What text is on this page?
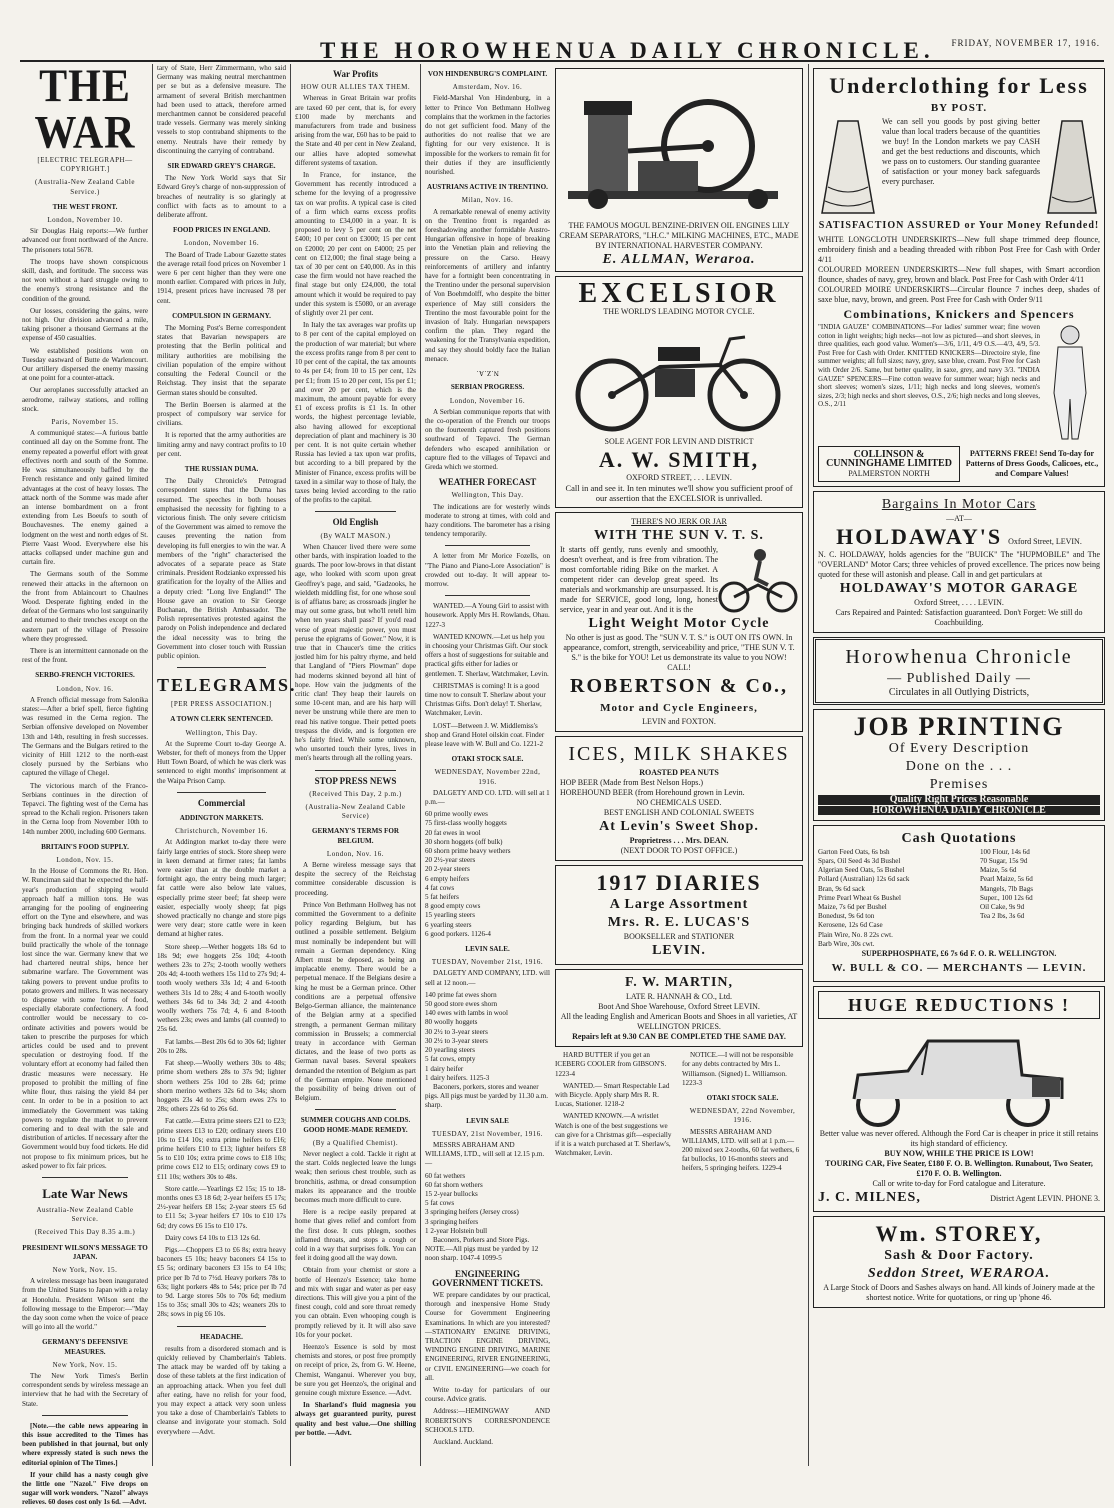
THE HOROWHENUA DAILY CHRONICLE. FRIDAY, NOVEMBER 17, 1916.
THE WAR
[ELECTRIC TELEGRAPH—COPYRIGHT.]
(Australia-New Zealand Cable Service.)
THE WEST FRONT.
London, November 10.

Sir Douglas Haig reports:—We further advanced our front northward of the Ancre. The prisoners total 5678.

The troops have shown conspicuous skill, dash, and fortitude. The success was not won without a hard struggle owing to the enemy's strong resistance and the condition of the ground.

Our losses, considering the gains, were not high. Our division advanced a mile, taking prisoner a thousand Germans at the expense of 450 casualties.

We established positions won on Tuesday eastward of Butte de Warlencourt. Our artillery dispersed the enemy massing at one point for a counter-attack.

Our aeroplanes successfully attacked an aerodrome, railway stations, and rolling stock.

Paris, November 15.

A communiqué states:—A furious battle continued all day on the Somme front. The enemy repeated a powerful effort with great effectives north and south of the Somme. He was simultaneously baffled by the French resistance and only gained limited advantages at the cost of heavy losses. The attack north of the Somme was made after an intense bombardment on a front extending from Les Boeufs to south of Bouchavesnes. The enemy gained a lodgment on the west and north edges of St. Pierre Vaast Wood. Everywhere else his attacks collapsed under machine gun and curtain fire.

The Germans south of the Somme renewed their attacks in the afternoon on the front from Ablaincourt to Chaulnes Wood. Desperate fighting ended in the defeat of the Germans who lost sanguinarily and returned to their trenches except on the eastern part of the village of Pressoire where they progressed.

There is an intermittent cannonade on the rest of the front.

SERBO-FRENCH VICTORIES.
London, Nov. 16.

A French official message from Salonika states:—After a brief spell, fierce fighting was resumed in the Cerna region. The Serbian offensive developed on November 13th and 14th, resulting in fresh successes. The Germans and the Bulgars retired to the vicinity of Hill 1212 to the north-east closely pursued by the Serbians who captured the village of Chegel.

The victorious march of the Franco-Serbians continues in the direction of Tepavci. The fighting west of the Cerna has spread to the Kchali region. Prisoners taken in the Cerna loop from November 10th to 14th number 2000, including 600 Germans.

BRITAIN'S FOOD SUPPLY.
London, Nov. 15.

In the House of Commons the Rt. Hon. W. Runciman said that he expected the half-year's production of shipping would approach half a million tons. He was arranging for the pooling of engineering effort on the Tyne and elsewhere, and was bringing back hundreds of skilled workers from the front. In a normal year we could build practically the whole of the tonnage lost since the war. Germany knew that we had chartered neutral ships, hence her submarine warfare. The Government was taking powers to prevent undue profits to potato growers and millers. It was necessary to dispense with some forms of food, especially elaborate confectionery. A food controller would be necessary to co-ordinate activities and powers would be taken to prescribe the purposes for which articles could be used and to prevent speculation or destroying food. If the voluntary effort at economy had failed then drastic measures were necessary. He proposed to prohibit the milling of fine white flour, thus raising the yield 84 per cent. In order to be in a position to act immediately the Government was taking powers to regulate the market to prevent cornering and to deal with the sale and distribution of articles. If necessary after the Government would buy food tickets. He did not propose to fix minimum prices, but he asked power to fix fair prices.

Late War News
Australia-New Zealand Cable Service.
(Received This Day 8.35 a.m.)
PRESIDENT WILSON'S MESSAGE TO JAPAN.
New York, Nov. 15.

A wireless message has been inaugurated from the United States to Japan with a relay at Honolulu. President Wilson sent the following message to the Emperor:—"May the day soon come when the voice of peace will go into all the world."

GERMANY'S DEFENSIVE MEASURES.
New York, Nov. 15.

The New York Times's Berlin correspondent sends by wireless message an interview that he had with the Secretary of State.

[Note.—the cable news appearing in this issue accredited to the Times has been published in that journal, but only where expressly stated is such news the editorial opinion of The Times.]

If your child has a nasty cough give the little one "Nazol." Five drops on sugar will work wonders. "Nazol" always relieves. 60 doses cost only 1s 6d. —Advt.

tary of State, Herr Zimmermann, who said Germany was making neutral merchantmen per se but as a defensive measure. The armament of several British merchantmen had been used to attack, therefore armed merchantmen cannot be considered peaceful trade vessels. Germany was merely sinking vessels to stop contraband shipments to the enemy. Neutrals have their remedy by discontinuing the carrying of contraband.

SIR EDWARD GREY'S CHARGE.

The New York World says that Sir Edward Grey's charge of non-suppression of breaches of neutrality is so glaringly at conflict with facts as to amount to a deliberate affront.

FOOD PRICES IN ENGLAND.
London, November 16.

The Board of Trade Labour Gazette states the average retail food prices on November 1 were 6 per cent higher than they were one month earlier. Compared with prices in July, 1914, present prices have increased 78 per cent.

COMPULSION IN GERMANY.

The Morning Post's Berne correspondent states that Bavarian newspapers are protesting that the Berlin political and military authorities are mobilising the civilian population of the empire without consulting the Federal Council or the Reichstag. They insist that the separate German states should be consulted.

The Berlin Boersen is alarmed at the prospect of compulsory war service for civilians.

It is reported that the army authorities are limiting army and navy contract profits to 10 per cent.

THE RUSSIAN DUMA.

The Daily Chronicle's Petrograd correspondent states that the Duma has resumed. The speeches in both houses emphasised the necessity for fighting to a victorious finish. The only severe criticism of the Government was aimed to remove the causes preventing the nation from developing its full energies to win the war. A members of the "right" characterised the advocates of a separate peace as State criminals. President Rodzianko expressed his gratification for the loyalty of the Allies and a deputy cried: "Long live England!" The House gave an ovation to Sir George Buchanan, the British Ambassador. The Polish representatives protested against the parody on Polish independence and declared the ideal necessity was to bring the Government into closer touch with Russian public opinion.

TELEGRAMS.
[PER PRESS ASSOCIATION.]
A TOWN CLERK SENTENCED.
Wellington, This Day.

At the Supreme Court to-day George A. Webster, for theft of moneys from the Upper Hutt Town Board, of which he was clerk was sentenced to eight months' imprisonment at the Waipa Prison Camp.

Commercial
ADDINGTON MARKETS.
Christchurch, November 16.

At Addington market to-day there were fairly large entries of stock. Store sheep were in keen demand at firmer rates; fat lambs were easier than at the double market a fortnight ago, the entry being much larger; fat cattle were also below late values, especially prime steer beef; fat sheep were easier, especially wooly sheep; fat pigs showed practically no change and store pigs were very dear; store cattle were in keen demand at higher rates.

Store sheep.—Wether hoggets 18s 6d to 18s 9d; ewe hoggets 25s 10d; 4-tooth wethers 23s to 27s; 2-tooth woolly wethers 20s 4d; 4-tooth wethers 15s 11d to 27s 9d; 4-tooth wooly wethers 33s 1d; 4 and 6-tooth wethers 31s 1d to 28s; 4 and 6-tooth woolly wethers 34s 6d to 34s 3d; 2 and 4-tooth woolly wethers 75s 7d; 4, 6 and 8-tooth wethers 23s; ewes and lambs (all counted) to 25s 6d.

Fat lambs.—Best 20s 6d to 30s 6d; lighter 20s to 28s.

Fat sheep.—Woolly wethers 30s to 48s; prime shorn wethers 28s to 37s 9d; lighter shorn wethers 25s 10d to 28s 6d; prime shorn merino wethers 32s 6d to 34s; shorn hoggets 23s 4d to 25s; shorn ewes 27s to 28s; others 22s 6d to 26s 6d.

Fat cattle.—Extra prime steers £21 to £23; prime steers £13 to £20; ordinary steers £10 10s to £14 10s; extra prime heifers to £16; prime heifers £10 to £13; lighter heifers £8 5s to £10 10s; extra prime cows to £18 10s; prime cows £12 to £15; ordinary cows £9 to £11 10s; wethers 30s to 48s.

Store cattle.—Yearlings £2 15s; 15 to 18-months ones £3 18 6d; 2-year heifers £5 17s; 2½-year heifers £8 15s; 2-year steers £5 6d to £11 5s; 3-year heifers £7 10s to £10 17s 6d; dry cows £6 15s to £10 17s.

Dairy cows £4 10s to £13 12s 6d.

Pigs.—Choppers £3 to £6 8s; extra heavy baconers £5 10s; heavy baconers £4 15s to £5 5s; ordinary baconers £3 15s to £4 10s; price per lb 7d to 7½d. Heavy porkers 78s to 63s; light porkers 48s to 54s; price per lb 7d to 9d. Large stores 50s to 70s 6d; medium 15s to 35s; small 30s to 42s; weaners 20s to 28s; sows in pig £6 10s.

HEADACHE.

results from a disordered stomach and is quickly relieved by Chamberlain's Tablets. The attack may be warded off by taking a dose of these tablets at the first indication of an approaching attack. When you feel dull after eating, have no relish for your food, you may expect a attack very soon unless you take a dose of Chamberlain's Tablets to cleanse and invigorate your stomach. Sold everywhere —Advt.

War Profits
HOW OUR ALLIES TAX THEM.

Whereas in Great Britain war profits are taxed 60 per cent, that is, for every £100 made by merchants and manufacturers from trade and business arising from the war, £60 has to be paid to the State and 40 per cent in New Zealand, our allies have adopted somewhat different systems of taxation.

In France, for instance, the Government has recently introduced a scheme for the levying of a progressive tax on war profits. A typical case is cited of a firm which earns excess profits amounting to £34,000 in a year. It is proposed to levy 5 per cent on the net £400; 10 per cent on £3000; 15 per cent on £2000; 20 per cent on £4000; 25 per cent on £12,000; the final stage being a tax of 30 per cent on £40,000. As in this case the firm would not have reached the final stage but only £24,000, the total amount which it would be required to pay under this system is £5080, or an average of slightly over 21 per cent.

In Italy the tax averages war profits up to 8 per cent of the capital employed on the production of war material; but where the excess profits range from 8 per cent to 10 per cent of the capital, the tax amounts to 4s per £4; from 10 to 15 per cent, 12s per £1; from 15 to 20 per cent, 15s per £1; and over 20 per cent, which is the maximum, the amount payable for every £1 of excess profits is £1 1s. In other words, the highest percentage leviable, also having allowed for exceptional depreciation of plant and machinery is 30 per cent. It is not quite certain whether Russia has levied a tax upon war profits, but according to a bill prepared by the Minister of Finance, excess profits will be taxed in a similar way to those of Italy, the taxes being levied according to the ratio of the profits to the capital.

Old English
(By WALT MASON.)

When Chaucer lived there were some other bards, with inspiration loaded to the guards. The poor low-brows in that distant age, who looked with scorn upon great Geoffrey's page, and said, "Gadzooks, he wieldeth middling fist, for one whose soul is of affiatus bare; as crossroads jingler he may out some grass, but who'll retell him when ten years shall pass? If you'd read verse of great majestic power, you must peruse the epigrams of Gower." Now, it is true that in Chaucer's time the critics jostled him for his paltry rhyme, and held that Langland of "Piers Plowman" dope had moderns skinned beyond all hint of hope. How vain the judgments of the critic clan! They heap their laurels on some 10-cent man, and are his harp will never be unstrung while there are men to read his native tongue. Their petted poets trespass the divide, and is forgotten ere he's fairly fried. While some unknown, who unsorted touch their lyres, lives in men's hearts through all the rolling years.

STOP PRESS NEWS
(Received This Day, 2 p.m.)
(Australia-New Zealand Cable Service)
GERMANY'S TERMS FOR BELGIUM.
London, Nov. 16.

A Berne wireless message says that despite the secrecy of the Reichstag committee considerable discussion is proceeding.

Prince Von Bethmann Hollweg has not committed the Government to a definite policy regarding Belgium, but has outlined a possible settlement. Belgium must nominally be independent but will remain a German dependency. King Albert must be deposed, as being an implacable enemy. There would be a perpetual menace. If the Belgians desire a king he must be a German prince. Other conditions are a perpetual offensive Belgo-German alliance, the maintenance of the Belgian army at a specified strength, a permanent German military commission in Brussels; a commercial treaty in accordance with German dictates, and the lease of two ports as German naval bases. Several speakers demanded the retention of Belgium as part of the German empire. None mentioned the possibility of being driven out of Belgium.

SUMMER COUGHS AND COLDS. GOOD HOME-MADE REMEDY.
(By a Qualified Chemist).

Never neglect a cold. Tackle it right at the start. Colds neglected leave the lungs weak; then serious chest trouble, such as bronchitis, asthma, or dread consumption makes its appearance and the trouble becomes much more difficult to cure.

Here is a recipe easily prepared at home that gives relief and comfort from the first dose. It cuts phlegm, soothes inflamed throats, and stops a cough or cold in a way that surprises folk. You can feel it doing good all the way down.

Obtain from your chemist or store a bottle of Heenzo's Essence; take home and mix with sugar and water as per easy directions. This will give you a pint of the finest cough, cold and sore throat remedy you can obtain. Even whooping cough is promptly relieved by it. It will also save 10s for your pocket.

Heenzo's Essence is sold by most chemists and stores, or post free promptly on receipt of price, 2s, from G. W. Heene, Chemist, Wanganui. Wherever you buy, be sure you get Heenzo's, the original and genuine cough mixture Essence. —Advt.

In Sharland's fluid magnesia you always get guaranteed purity, purest quality and best value.—One shilling per bottle. —Advt.

VON HINDENBURG'S COMPLAINT.
Amsterdam, Nov. 16.

Field-Marshal Von Hindenburg, in a letter to Prince Von Bethmann Hollweg complains that the workmen in the factories do not get sufficient food. Many of the authorities do not realise that we are fighting for our very existence. It is impossible for the workers to remain fit for their duties if they are insufficiently nourished.

AUSTRIANS ACTIVE IN TRENTINO.
Milan, Nov. 16.

A remarkable renewal of enemy activity on the Trentino front is regarded as foreshadowing another formidable Austro-Hungarian offensive in hope of breaking into the Venetian plain and relieving the pressure on the Carso. Heavy reinforcements of artillery and infantry have for a fortnight been concentrating in the Trentino under the personal supervision of Von Boehmdolff, who despite the bitter experience of May still considers the Trentino the most favourable point for the invasion of Italy. Hungarian newspapers confirm the plan. They regard the weakening for the Transylvania expedition, and say they should boldly face the Italian menace.

N.Z.A.
SERBIAN PROGRESS.
London, November 16.

A Serbian communique reports that with the co-operation of the French our troops on the fourteenth captured fresh positions southward of Tepavci. The German defenders who escaped annihilation or capture fled to the villages of Tepavci and Greda which we stormed.

WEATHER FORECAST
Wellington, This Day.

The indications are for westerly winds moderate to strong at times, with cold and hazy conditions. The barometer has a rising tendency temporarily.

A letter from Mr Morice Fozells, on "The Piano and Piano-Lore Association" is crowded out to-day. It will appear to-morrow.

WANTED.—A Young Girl to assist with housework. Apply Mrs H. Rowlands, Ohau. 1227-3

WANTED KNOWN.—Let us help you in choosing your Christmas Gift. Our stock offers a host of suggestions for suitable and practical gifts either for ladies or gentlemen. T. Sherlaw, Watchmaker, Levin.

CHRISTMAS is coming! It is a good time now to consult T. Sherlaw about your Christmas Gifts. Don't delay! T. Sherlaw, Watchmaker, Levin.

LOST—Between J. W. Middlemiss's shop and Grand Hotel oilskin coat. Finder please leave with W. Bull and Co. 1221-2

OTAKI STOCK SALE.
WEDNESDAY, November 22nd, 1916.

DALGETY AND CO. LTD. will sell at 1 p.m.—

60 prime woolly ewes
75 first-class woolly hoggets
20 fat ewes in wool
30 shorn hoggets (off bulk)
60 shorn prime heavy wethers
20 2½-year steers
20 2-year steers
6 empty heifers
4 fat cows
5 fat heifers
8 good empty cows
15 yearling steers
6 yearling steers
6 good porkers. 1126-4
LEVIN SALE.
TUESDAY, November 21st, 1916.

DALGETY AND COMPANY, LTD. will sell at 12 noon.—

140 prime fat ewes shorn
50 good store ewes shorn
140 ewes with lambs in wool
80 woolly hoggets
30 2½ to 3-year steers
30 2½ to 3-year steers
20 yearling steers
5 fat cows, empty
1 dairy heifer
1 dairy heifers. 1125-3

Baconers, porkers, stores and weaner pigs. All pigs must be yarded by 11.30 a.m. sharp.

LEVIN SALE
TUESDAY, 21st November, 1916.

MESSRS ABRAHAM AND WILLIAMS, LTD., will sell at 12.15 p.m.—

60 fat wethers
60 fat shorn wethers
15 2-year bullocks
5 fat cows
3 springing heifers (Jersey cross)
3 springing heifers
1 2-year Holstein bull

Baconers, Porkers and Store Pigs. NOTE.—All pigs must be yarded by 12 noon sharp. 1047-4 1099-5

ENGINEERING GOVERNMENT TICKETS.

WE prepare candidates by our practical, thorough and inexpensive Home Study Course for Government Engineering Examinations. In which are you interested?—STATIONARY ENGINE DRIVING, TRACTION ENGINE DRIVING, WINDING ENGINE DRIVING, MARINE ENGINEERING, RIVER ENGINEERING, or CIVIL ENGINEERING—we coach for all.

Write to-day for particulars of our course. Advice gratis.

Address:—HEMINGWAY AND ROBERTSON'S CORRESPONDENCE SCHOOLS LTD.

Auckland. Auckland.

THE FAMOUS MOGUL BENZINE-DRIVEN OIL ENGINES LILY CREAM SEPARATORS, "I.H.C." MILKING MACHINES, ETC., MADE BY INTERNATIONAL HARVESTER COMPANY.
E. ALLMAN, Weraroa.
EXCELSIOR
THE WORLD'S LEADING MOTOR CYCLE.
SOLE AGENT FOR LEVIN AND DISTRICT
A. W. SMITH,
OXFORD STREET, . . . LEVIN.
Call in and see it. In ten minutes we'll show you sufficient proof of our assertion that the EXCELSIOR is unrivalled.
THERE'S NO JERK OR JAR
WITH THE SUN V. T. S.
It starts off gently, runs evenly and smoothly, doesn't overheat, and is free from vibration. The most comfortable riding Bike on the market. A competent rider can develop great speed. Its materials and workmanship are unsurpassed. It is made for SERVICE, good long, long, honest service, year in and year out. And it is the
Light Weight Motor Cycle
No other is just as good. The "SUN V. T. S." is OUT ON ITS OWN. In appearance, comfort, strength, serviceability and price, "THE SUN V. T. S." is the bike for YOU! Let us demonstrate its value to you NOW! CALL!
ROBERTSON & Co.,
Motor and Cycle Engineers,
LEVIN and FOXTON.
ICES, MILK SHAKES
ROASTED PEA NUTS
HOP BEER (Made from Best Nelson Hops.)
HOREHOUND BEER (from Horehound grown in Levin.
NO CHEMICALS USED.
BEST ENGLISH AND COLONIAL SWEETS
At Levin's Sweet Shop.
Proprietress . . . Mrs. DEAN.
(NEXT DOOR TO POST OFFICE.)
1917 DIARIES
A Large Assortment
Mrs. R. E. LUCAS'S
BOOKSELLER and STATIONER
LEVIN.
F. W. MARTIN,
LATE R. HANNAH & CO., Ltd.
Boot And Shoe Warehouse, Oxford Street LEVIN.
All the leading English and American Boots and Shoes in all varieties, AT WELLINGTON PRICES.
Repairs left at 9.30 CAN BE COMPLETED THE SAME DAY.

HARD BUTTER if you get an ICEBERG COOLER from GIBSON'S. 1223-4

WANTED.— Smart Respectable Lad with Bicycle. Apply sharp Mrs R. R. Lucas, Stationer. 1218-2

WANTED KNOWN.—A wristlet Watch is one of the best suggestions we can give for a Christmas gift—especially if it is a watch purchased at T. Sherlaw's, Watchmaker, Levin.

NOTICE.—I will not be responsible for any debts contracted by Mrs L. Williamson. (Signed) L. Williamson. 1223-3

OTAKI STOCK SALE.
WEDNESDAY, 22nd November, 1916.

MESSRS ABRAHAM AND WILLIAMS, LTD. will sell at 1 p.m.— 200 mixed sex 2-tooths, 60 fat wethers, 6 fat bullocks, 10 16-months steers and heifers, 5 springing heifers. 1229-4

Underclothing for Less
BY POST.
We can sell you goods by post giving better value than local traders because of the quantities we buy! In the London markets we pay CASH and get the best reductions and discounts, which we pass on to customers. Our standing guarantee of satisfaction or your money back safeguards every purchaser.
SATISFACTION ASSURED or Your Money Refunded!
WHITE LONGCLOTH UNDERSKIRTS—New full shape trimmed deep flounce, embroidery finish and a beading threaded with ribbon Post Free for Cash with Order 4/11
COLOURED MOREEN UNDERSKIRTS—New full shapes, with Smart accordion flounce, shades of navy, grey, brown and black. Post Free for Cash with Order 4/11
COLOURED MOIRE UNDERSKIRTS—Circular flounce 7 inches deep, shades of saxe blue, navy, brown, and green. Post Free for Cash with Order 9/11
Combinations, Knickers and Spencers
"INDIA GAUZE" COMBINATIONS—For ladies' summer wear; fine woven cotton in light weights; high necks—not low as pictured—and short sleeves, in three qualities, each good value. Women's—3/6, 1/11, 4/9 O.S.—4/3, 4/9, 5/3. Post Free for Cash with Order. KNITTED KNICKERS—Directoire style, fine summer weights; all full sizes; navy, grey, saxe blue, cream. Post Free for Cash with Order 2/6. Same, but better quality, in saxe, grey, and navy 3/3. "INDIA GAUZE" SPENCERS—Fine cotton weave for summer wear; high necks and short sleeves; women's sizes, 1/11; high necks and long sleeves, women's sizes, 2/3; high necks and short sleeves, O.S., 2/6; high necks and long sleeves, O.S., 2/11
COLLINSON & CUNNINGHAME LIMITED
PALMERSTON NORTH
PATTERNS FREE! Send To-day for Patterns of Dress Goods, Calicoes, etc., and Compare Values!
Bargains In Motor Cars
—AT—
HOLDAWAY'S Oxford Street, LEVIN.
N. C. HOLDAWAY, holds agencies for the "BUICK" The "HUPMOBILE" and The "OVERLAND" Motor Cars; three vehicles of proved excellence. The prices now being quoted for these will astonish and please. Call in and get particulars at
HOLDAWAY'S MOTOR GARAGE
Oxford Street, . . . . LEVIN.
Cars Repaired and Painted: Satisfaction guaranteed. Don't Forget: We still do Coachbuilding.
Horowhenua Chronicle
— Published Daily —
Circulates in all Outlying Districts,
JOB PRINTING
Of Every Description
Done on the . . .
Premises
Quality Right Prices Reasonable
HOROWHENUA DAILY CHRONICLE
Cash Quotations
Garton Feed Oats, 6s bsh
Spars, Oil Seed 4s 3d Bushel
Algerian Seed Oats, 5s Bushel
Pollard (Australian) 12s 6d sack
Bran, 9s 6d sack
Prime Pearl Wheat 6s Bushel
Maize, 7s 6d per Bushel
Bonedust, 9s 6d ton
Kerosene, 12s 6d Case
Plain Wire, No. 8 22s cwt.
Barb Wire, 30s cwt.
100 Flour, 14s 6d
70 Sugar, 15s 9d
Maize, 5s 6d
Pearl Maize, 5s 6d
Mangels, 7lb Bags
Super., 100 12s 6d
Oil Cake, 9s 9d
Tea 2 lbs, 3s 6d
SUPERPHOSPHATE, £6 7s 6d F. O. R. WELLINGTON.
W. BULL & CO. — MERCHANTS — LEVIN.
HUGE REDUCTIONS !
Better value was never offered. Although the Ford Car is cheaper in price it still retains its high standard of efficiency.
BUY NOW, WHILE THE PRICE IS LOW!
TOURING CAR, Five Seater, £180 F. O. B. Wellington. Runabout, Two Seater, £170 F. O. B. Wellington.
Call or write to-day for Ford catalogue and Literature.
J. C. MILNES,	District Agent LEVIN. PHONE 3.
Wm. STOREY,
Sash & Door Factory.
Seddon Street, WERAROA.
A Large Stock of Doors and Sashes always on hand. All kinds of Joinery made at the shortest notice. Write for quotations, or ring up 'phone 46.
